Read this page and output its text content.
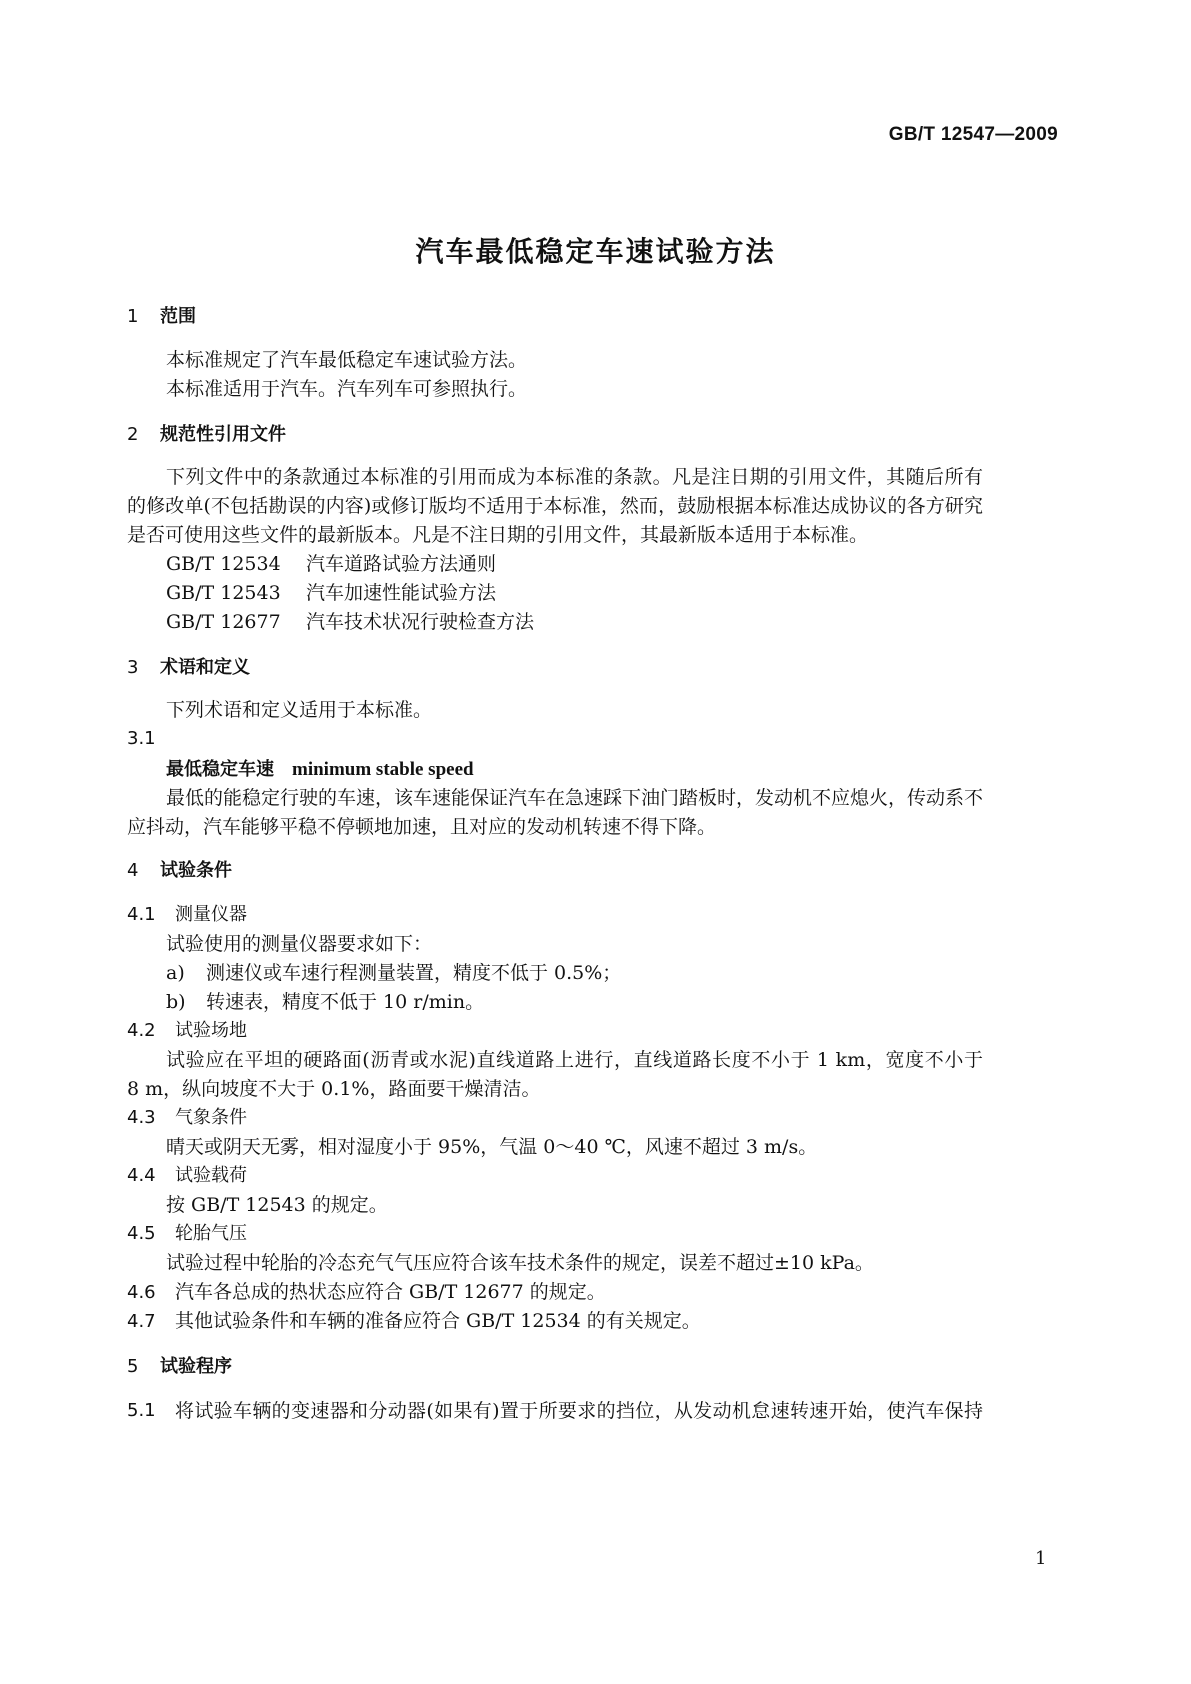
GB/T 12547—2009
汽车最低稳定车速试验方法
1 范围
本标准规定了汽车最低稳定车速试验方法。
本标准适用于汽车。汽车列车可参照执行。
2 规范性引用文件
下列文件中的条款通过本标准的引用而成为本标准的条款。凡是注日期的引用文件，其随后所有
的修改单(不包括勘误的内容)或修订版均不适用于本标准，然而，鼓励根据本标准达成协议的各方研究
是否可使用这些文件的最新版本。凡是不注日期的引用文件，其最新版本适用于本标准。
GB/T 12534 汽车道路试验方法通则
GB/T 12543 汽车加速性能试验方法
GB/T 12677 汽车技术状况行驶检查方法
3 术语和定义
下列术语和定义适用于本标准。
3.1
最低稳定车速 minimum stable speed
最低的能稳定行驶的车速，该车速能保证汽车在急速踩下油门踏板时，发动机不应熄火，传动系不
应抖动，汽车能够平稳不停顿地加速，且对应的发动机转速不得下降。
4 试验条件
4.1 测量仪器
试验使用的测量仪器要求如下：
a) 测速仪或车速行程测量装置，精度不低于 0.5%；
b) 转速表，精度不低于 10 r/min。
4.2 试验场地
试验应在平坦的硬路面(沥青或水泥)直线道路上进行，直线道路长度不小于 1 km，宽度不小于
8 m，纵向坡度不大于 0.1%，路面要干燥清洁。
4.3 气象条件
晴天或阴天无雾，相对湿度小于 95%，气温 0～40 ℃，风速不超过 3 m/s。
4.4 试验载荷
按 GB/T 12543 的规定。
4.5 轮胎气压
试验过程中轮胎的冷态充气气压应符合该车技术条件的规定，误差不超过±10 kPa。
4.6 汽车各总成的热状态应符合 GB/T 12677 的规定。
4.7 其他试验条件和车辆的准备应符合 GB/T 12534 的有关规定。
5 试验程序
5.1 将试验车辆的变速器和分动器(如果有)置于所要求的挡位，从发动机怠速转速开始，使汽车保持
1
